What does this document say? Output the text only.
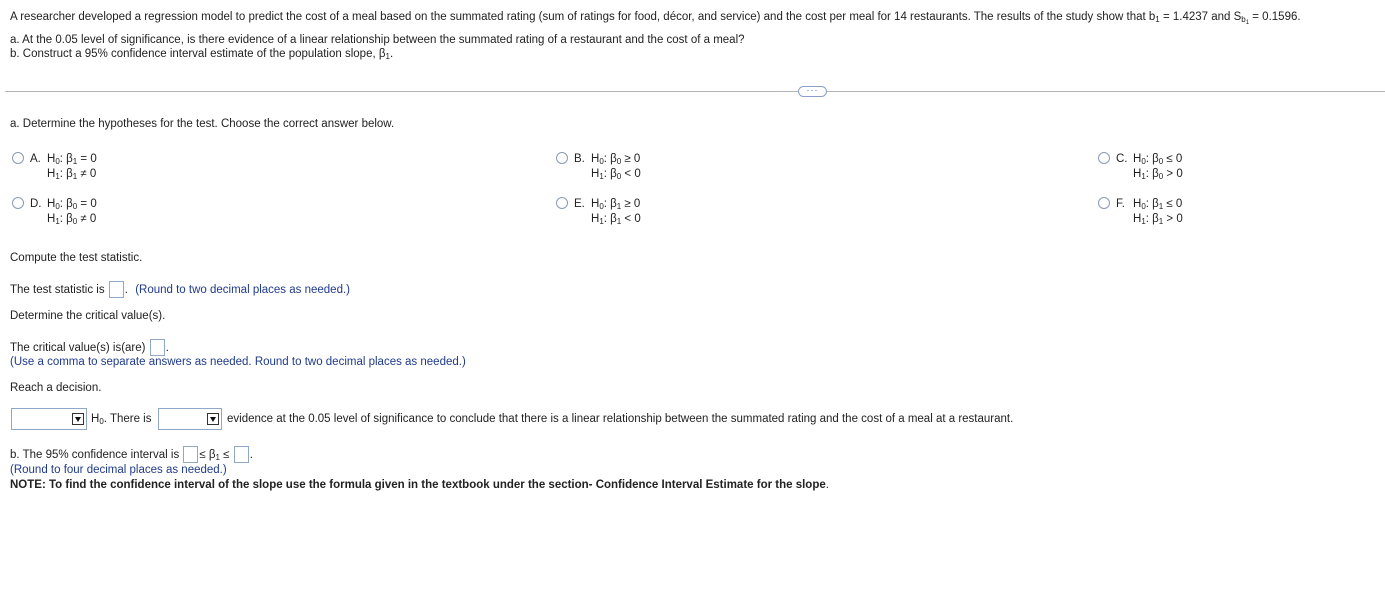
A researcher developed a regression model to predict the cost of a meal based on the summated rating (sum of ratings for food, décor, and service) and the cost per meal for 14 restaurants. The results of the study show that $b_1 = 1.4237$ and $S_{b_1} = 0.1596$.
a. At the 0.05 level of significance, is there evidence of a linear relationship between the summated rating of a restaurant and the cost of a meal?
b. Construct a 95% confidence interval estimate of the population slope, $\beta_1$.
···
a. Determine the hypotheses for the test. Choose the correct answer below.
A. $H_0$: $\beta_1 = 0$
$H_1$: $\beta_1 \ne 0$
B. $H_0$: $\beta_0 \ge 0$
$H_1$: $\beta_0 < 0$
C. $H_0$: $\beta_0 \le 0$
$H_1$: $\beta_0 > 0$
D. $H_0$: $\beta_0 = 0$
$H_1$: $\beta_0 \ne 0$
E. $H_0$: $\beta_1 \ge 0$
$H_1$: $\beta_1 < 0$
F. $H_0$: $\beta_1 \le 0$
$H_1$: $\beta_1 > 0$
Compute the test statistic.
The test statistic is . (Round to two decimal places as needed.)
Determine the critical value(s).
The critical value(s) is(are) .
(Use a comma to separate answers as needed. Round to two decimal places as needed.)
Reach a decision.
$H_0$. There is	evidence at the 0.05 level of significance to conclude that there is a linear relationship between the summated rating and the cost of a meal at a restaurant.
b. The 95% confidence interval is ≤ $\beta_1$ ≤ .
(Round to four decimal places as needed.)
NOTE: To find the confidence interval of the slope use the formula given in the textbook under the section- Confidence Interval Estimate for the slope.
